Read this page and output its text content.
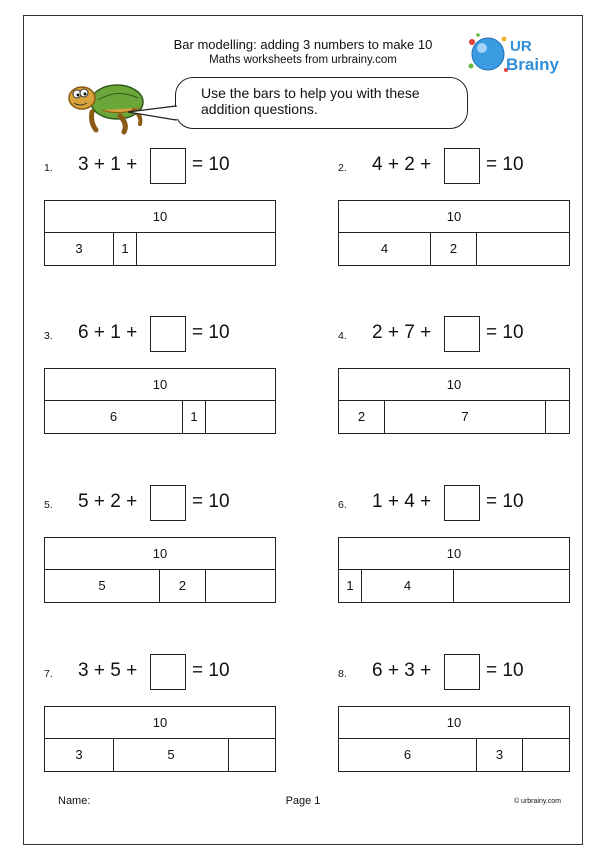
Bar modelling: adding 3 numbers to make 10
Maths worksheets from urbrainy.com
UR
Brainy
Use the bars to help you with these addition questions.
1. 3 + 1 +	= 10
10
3	1
2. 4 + 2 +	= 10
10
4	2
3. 6 + 1 +	= 10
10
6	1
4. 2 + 7 +	= 10
10
2	7
5. 5 + 2 +	= 10
10
5	2
6. 1 + 4 +	= 10
10
1	4
7. 3 + 5 +	= 10
10
3	5
8. 6 + 3 +	= 10
10
6	3
Name:	Page 1	© urbrainy.com
